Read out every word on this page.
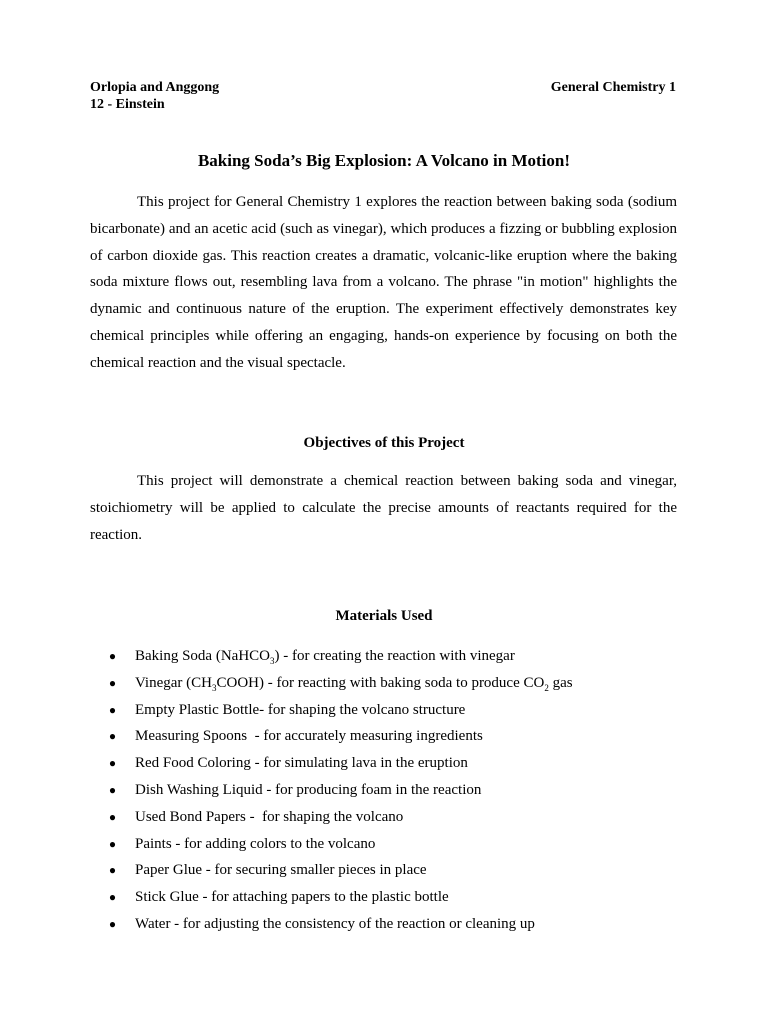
Orlopia and Anggong
12 - Einstein
General Chemistry 1
Baking Soda’s Big Explosion: A Volcano in Motion!

This project for General Chemistry 1 explores the reaction between baking soda (sodium bicarbonate) and an acetic acid (such as vinegar), which produces a fizzing or bubbling explosion of carbon dioxide gas. This reaction creates a dramatic, volcanic-like eruption where the baking soda mixture flows out, resembling lava from a volcano. The phrase "in motion" highlights the dynamic and continuous nature of the eruption. The experiment effectively demonstrates key chemical principles while offering an engaging, hands-on experience by focusing on both the chemical reaction and the visual spectacle.

Objectives of this Project

This project will demonstrate a chemical reaction between baking soda and vinegar, stoichiometry will be applied to calculate the precise amounts of reactants required for the reaction.

Materials Used
● Baking Soda (NaHCO$_3$) - for creating the reaction with vinegar
● Vinegar $(CH_3COOH)$ - for reacting with baking soda to produce $CO_2$ gas
● Empty Plastic Bottle- for shaping the volcano structure
● Measuring Spoons  - for accurately measuring ingredients
● Red Food Coloring - for simulating lava in the eruption
● Dish Washing Liquid - for producing foam in the reaction
● Used Bond Papers -  for shaping the volcano
● Paints - for adding colors to the volcano
● Paper Glue - for securing smaller pieces in place
● Stick Glue - for attaching papers to the plastic bottle
● Water - for adjusting the consistency of the reaction or cleaning up
